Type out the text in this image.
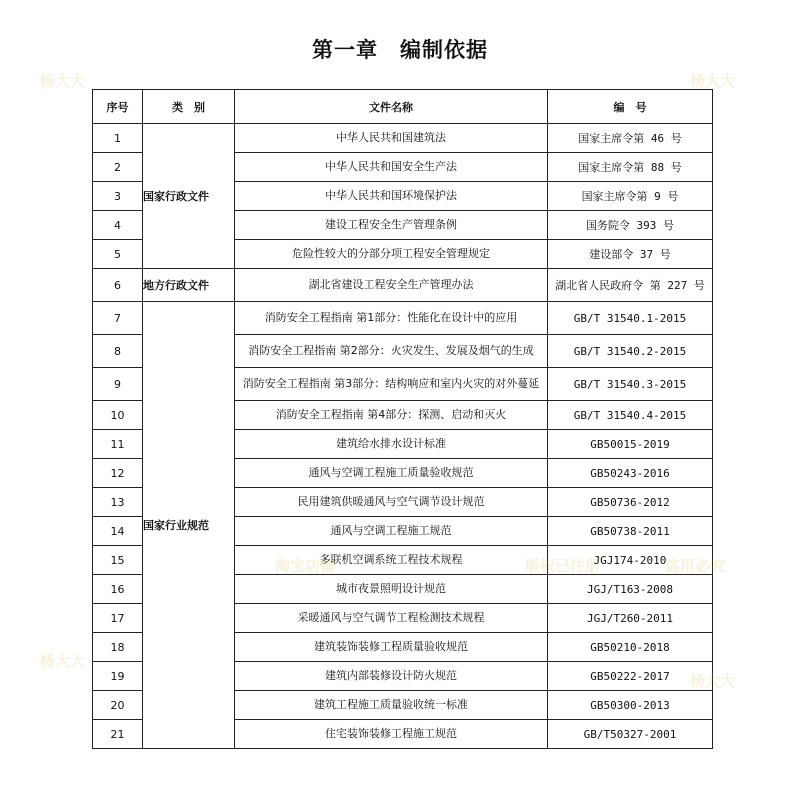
第一章　编制依据
序号	类　别	文件名称	编　号
1	国家行政文件	中华人民共和国建筑法	国家主席令第 46 号
2		中华人民共和国安全生产法	国家主席令第 88 号
3		中华人民共和国环境保护法	国家主席令第 9 号
4		建设工程安全生产管理条例	国务院令 393 号
5		危险性较大的分部分项工程安全管理规定	建设部令 37 号
6	地方行政文件	湖北省建设工程安全生产管理办法	湖北省人民政府令 第 227 号
7	国家行业规范	消防安全工程指南 第1部分：性能化在设计中的应用	GB/T 31540.1-2015
8		消防安全工程指南 第2部分：火灾发生、发展及烟气的生成	GB/T 31540.2-2015
9		消防安全工程指南 第3部分：结构响应和室内火灾的对外蔓延	GB/T 31540.3-2015
10		消防安全工程指南 第4部分：探测、启动和灭火	GB/T 31540.4-2015
11		建筑给水排水设计标准	GB50015-2019
12		通风与空调工程施工质量验收规范	GB50243-2016
13		民用建筑供暖通风与空气调节设计规范	GB50736-2012
14		通风与空调工程施工规范	GB50738-2011
15		多联机空调系统工程技术规程	JGJ174-2010
16		城市夜景照明设计规范	JGJ/T163-2008
17		采暖通风与空气调节工程检测技术规程	JGJ/T260-2011
18		建筑装饰装修工程质量验收规范	GB50210-2018
19		建筑内部装修设计防火规范	GB50222-2017
20		建筑工程施工质量验收统一标准	GB50300-2013
21		住宅装饰装修工程施工规范	GB/T50327-2001
杨大大	杨大大
淘宝店铺	版权已注册	盗用必究
杨大大
杨大大
